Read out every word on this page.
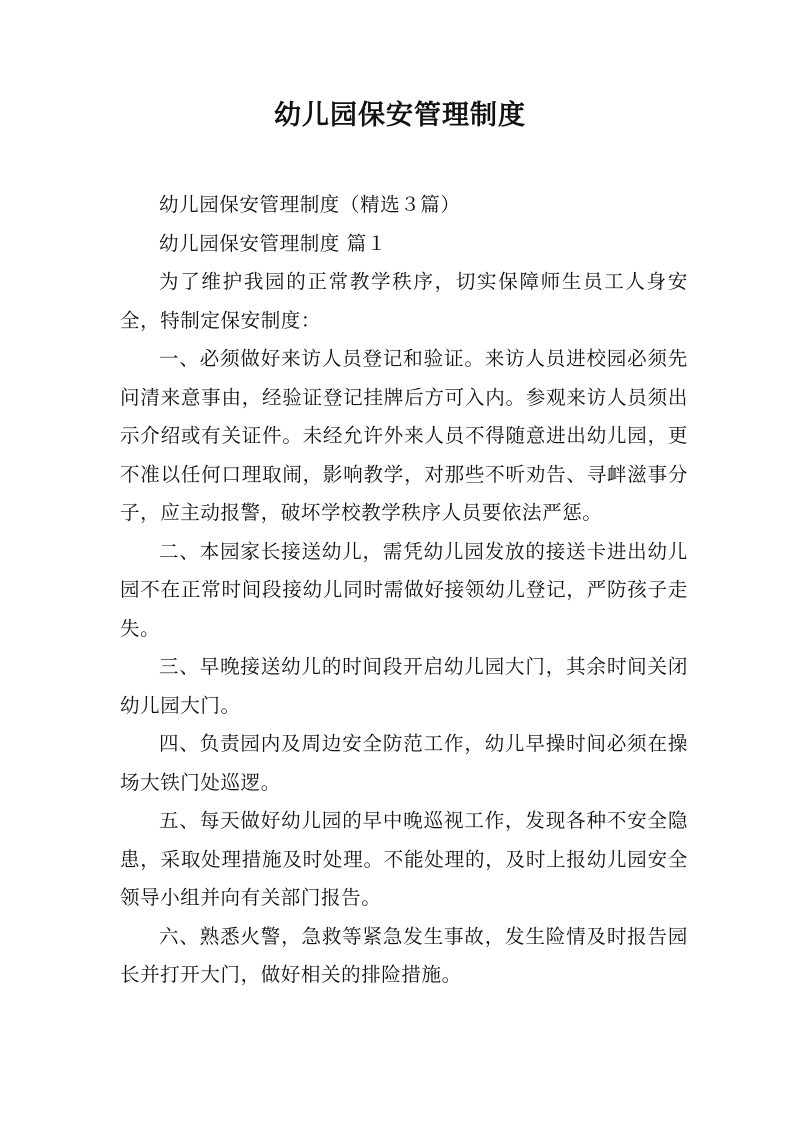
幼儿园保安管理制度

幼儿园保安管理制度（精选３篇）

幼儿园保安管理制度 篇１

为了维护我园的正常教学秩序，切实保障师生员工人身安全，特制定保安制度：

一、必须做好来访人员登记和验证。来访人员进校园必须先问清来意事由，经验证登记挂牌后方可入内。参观来访人员须出示介绍或有关证件。未经允许外来人员不得随意进出幼儿园，更不准以任何口理取闹，影响教学，对那些不听劝告、寻衅滋事分子，应主动报警，破坏学校教学秩序人员要依法严惩。

二、本园家长接送幼儿，需凭幼儿园发放的接送卡进出幼儿园不在正常时间段接幼儿同时需做好接领幼儿登记，严防孩子走失。

三、早晚接送幼儿的时间段开启幼儿园大门，其余时间关闭幼儿园大门。

四、负责园内及周边安全防范工作，幼儿早操时间必须在操场大铁门处巡逻。

五、每天做好幼儿园的早中晚巡视工作，发现各种不安全隐患，采取处理措施及时处理。不能处理的，及时上报幼儿园安全领导小组并向有关部门报告。

六、熟悉火警，急救等紧急发生事故，发生险情及时报告园长并打开大门，做好相关的排险措施。
